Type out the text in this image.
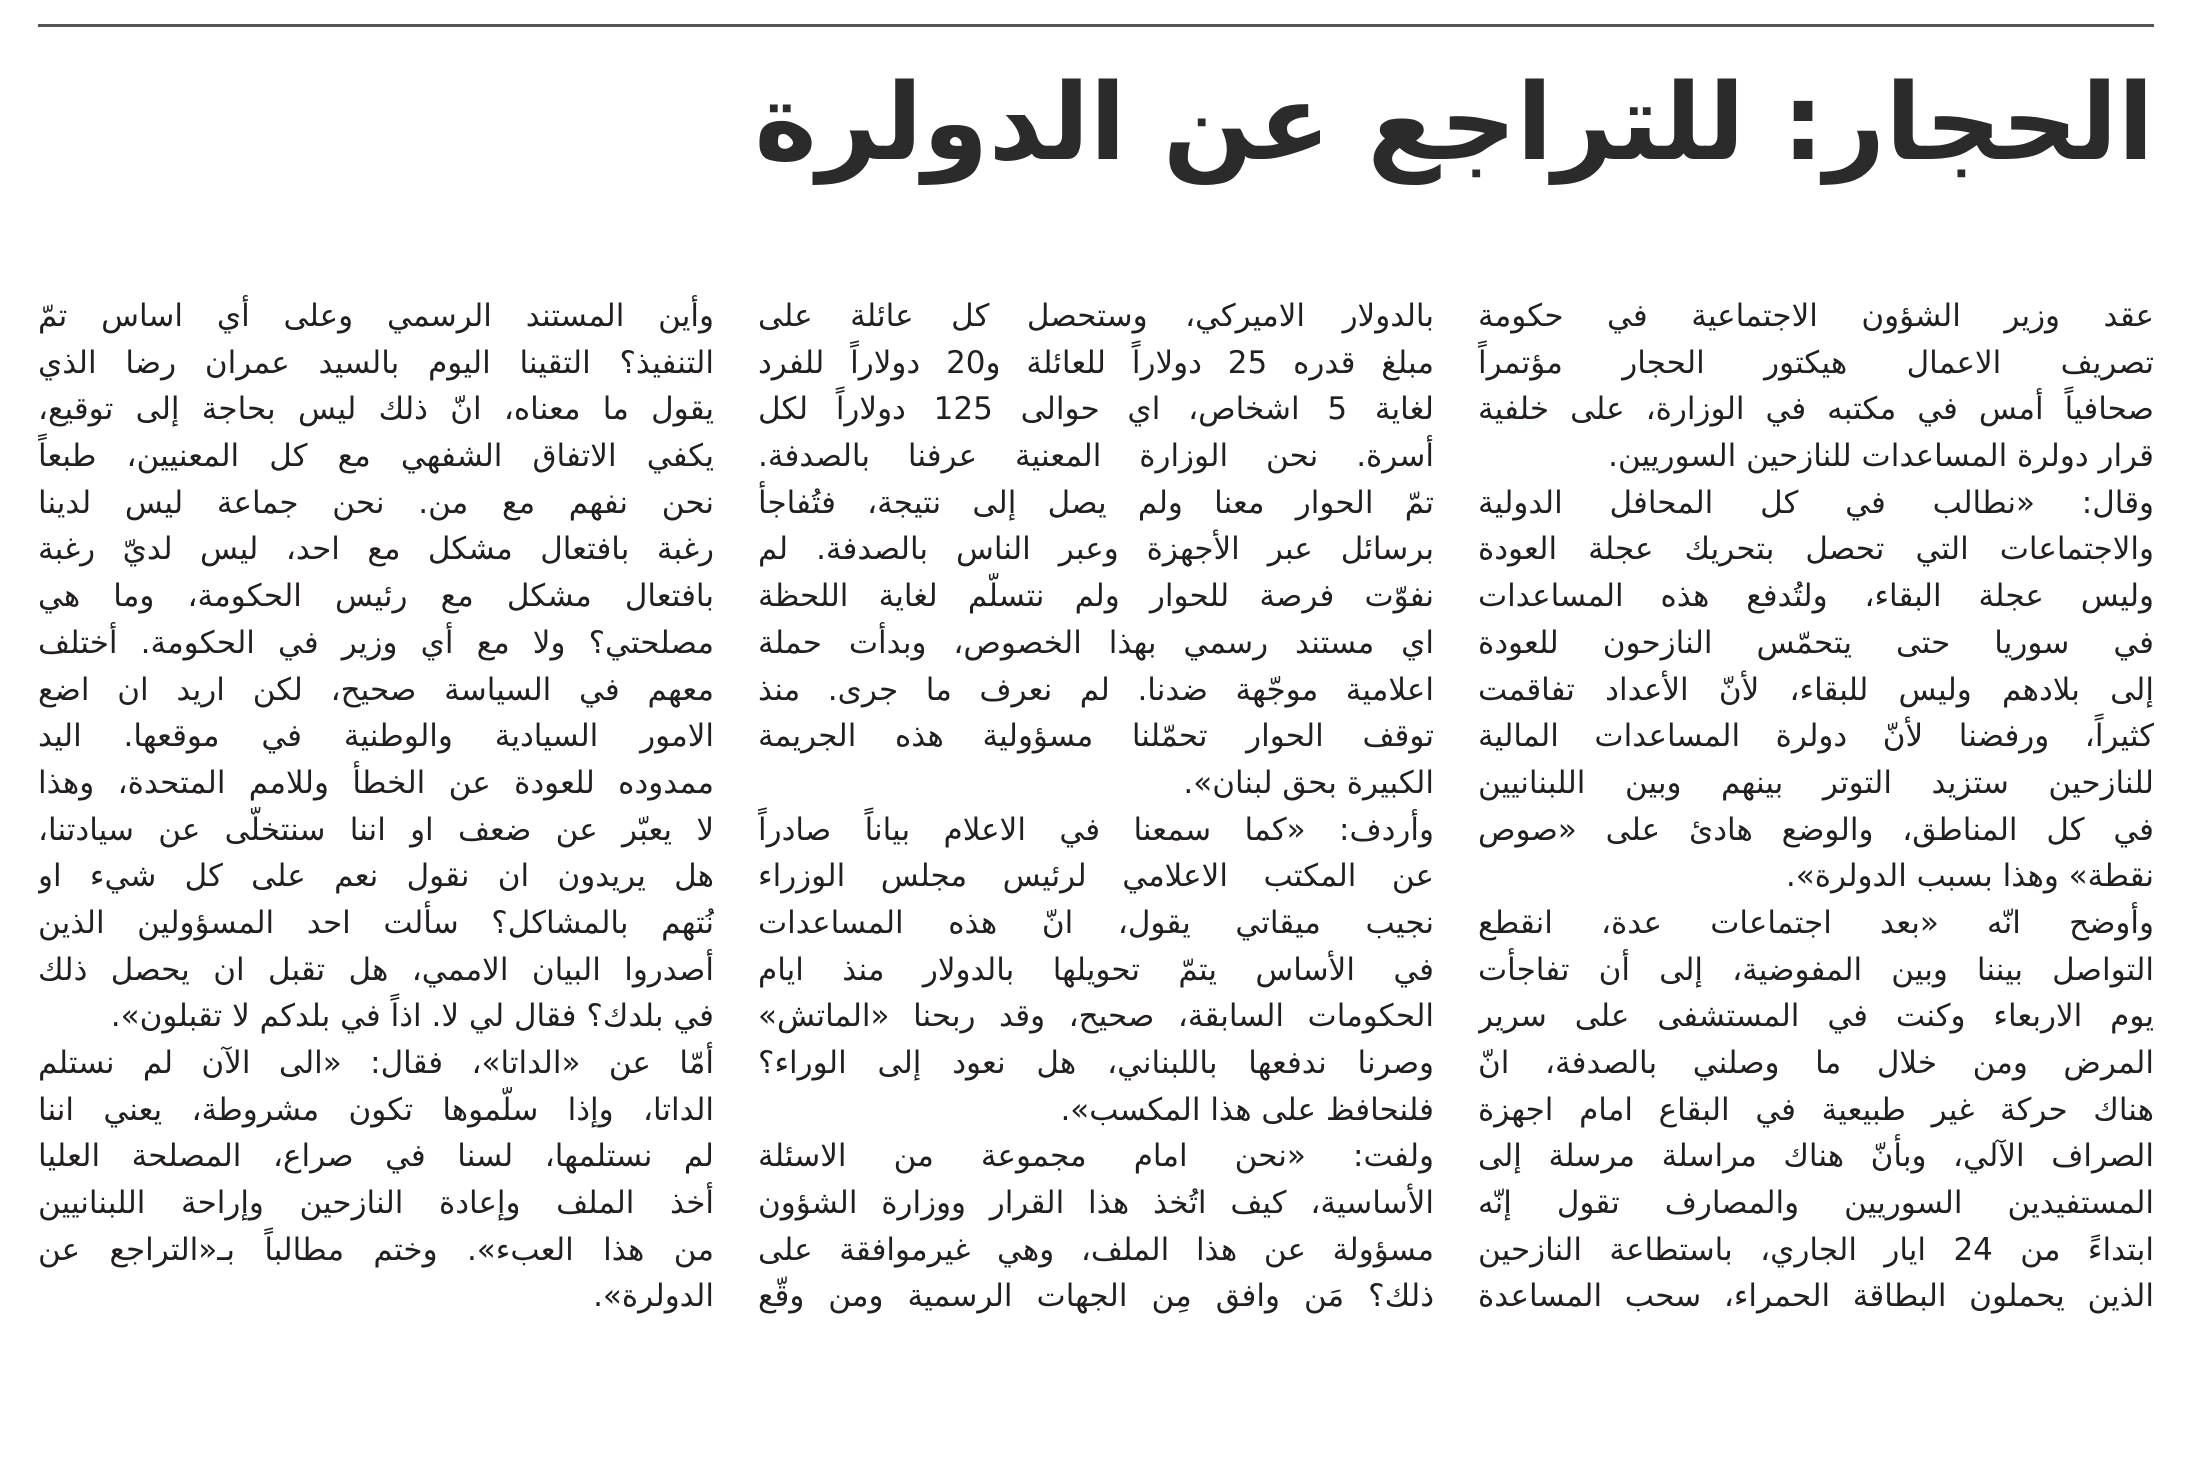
الحجار: للتراجع عن الدولرة
عقد وزير الشؤون الاجتماعية في حكومة
تصريف الاعمال هيكتور الحجار مؤتمراً
صحافياً أمس في مكتبه في الوزارة، على خلفية
قرار دولرة المساعدات للنازحين السوريين.
وقال: «نطالب في كل المحافل الدولية
والاجتماعات التي تحصل بتحريك عجلة العودة
وليس عجلة البقاء، ولتُدفع هذه المساعدات
في سوريا حتى يتحمّس النازحون للعودة
إلى بلادهم وليس للبقاء، لأنّ الأعداد تفاقمت
كثيراً، ورفضنا لأنّ دولرة المساعدات المالية
للنازحين ستزيد التوتر بينهم وبين اللبنانيين
في كل المناطق، والوضع هادئ على «صوص
نقطة» وهذا بسبب الدولرة».
وأوضح انّه «بعد اجتماعات عدة، انقطع
التواصل بيننا وبين المفوضية، إلى أن تفاجأت
يوم الاربعاء وكنت في المستشفى على سرير
المرض ومن خلال ما وصلني بالصدفة، انّ
هناك حركة غير طبيعية في البقاع امام اجهزة
الصراف الآلي، وبأنّ هناك مراسلة مرسلة إلى
المستفيدين السوريين والمصارف تقول إنّه
ابتداءً من 24 ايار الجاري، باستطاعة النازحين
الذين يحملون البطاقة الحمراء، سحب المساعدة
بالدولار الاميركي، وستحصل كل عائلة على
مبلغ قدره 25 دولاراً للعائلة و20 دولاراً للفرد
لغاية 5 اشخاص، اي حوالى 125 دولاراً لكل
أسرة. نحن الوزارة المعنية عرفنا بالصدفة.
تمّ الحوار معنا ولم يصل إلى نتيجة، فتُفاجأ
برسائل عبر الأجهزة وعبر الناس بالصدفة. لم
نفوّت فرصة للحوار ولم نتسلّم لغاية اللحظة
اي مستند رسمي بهذا الخصوص، وبدأت حملة
اعلامية موجّهة ضدنا. لم نعرف ما جرى. منذ
توقف الحوار تحمّلنا مسؤولية هذه الجريمة
الكبيرة بحق لبنان».
وأردف: «كما سمعنا في الاعلام بياناً صادراً
عن المكتب الاعلامي لرئيس مجلس الوزراء
نجيب ميقاتي يقول، انّ هذه المساعدات
في الأساس يتمّ تحويلها بالدولار منذ ايام
الحكومات السابقة، صحيح، وقد ربحنا «الماتش»
وصرنا ندفعها باللبناني، هل نعود إلى الوراء؟
فلنحافظ على هذا المكسب».
ولفت: «نحن امام مجموعة من الاسئلة
الأساسية، كيف اتُخذ هذا القرار ووزارة الشؤون
مسؤولة عن هذا الملف، وهي غيرموافقة على
ذلك؟ مَن وافق مِن الجهات الرسمية ومن وقّع
وأين المستند الرسمي وعلى أي اساس تمّ
التنفيذ؟ التقينا اليوم بالسيد عمران رضا الذي
يقول ما معناه، انّ ذلك ليس بحاجة إلى توقيع،
يكفي الاتفاق الشفهي مع كل المعنيين، طبعاً
نحن نفهم مع من. نحن جماعة ليس لدينا
رغبة بافتعال مشكل مع احد، ليس لديّ رغبة
بافتعال مشكل مع رئيس الحكومة، وما هي
مصلحتي؟ ولا مع أي وزير في الحكومة. أختلف
معهم في السياسة صحيح، لكن اريد ان اضع
الامور السيادية والوطنية في موقعها. اليد
ممدوده للعودة عن الخطأ وللامم المتحدة، وهذا
لا يعبّر عن ضعف او اننا سنتخلّى عن سيادتنا،
هل يريدون ان نقول نعم على كل شيء او
نُتهم بالمشاكل؟ سألت احد المسؤولين الذين
أصدروا البيان الاممي، هل تقبل ان يحصل ذلك
في بلدك؟ فقال لي لا. اذاً في بلدكم لا تقبلون».
أمّا عن «الداتا»، فقال: «الى الآن لم نستلم
الداتا، وإذا سلّموها تكون مشروطة، يعني اننا
لم نستلمها، لسنا في صراع، المصلحة العليا
أخذ الملف وإعادة النازحين وإراحة اللبنانيين
من هذا العبء». وختم مطالباً بـ«التراجع عن
الدولرة».
